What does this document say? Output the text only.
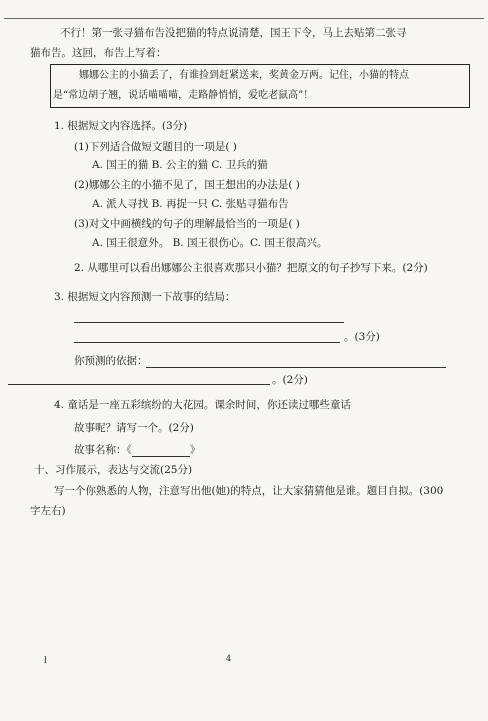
不行！第一张寻猫布告没把猫的特点说清楚，国王下令，马上去贴第二张寻
猫布告。这回，布告上写着：
娜娜公主的小猫丢了，有谁捡到赶紧送来，奖黄金万两。记住，小猫的特点
是“常边胡子翘，说话喵喵喵，走路静悄悄，爱吃老鼠高”！
1. 根据短文内容选择。(3分)
(1)下列适合做短文题目的一项是( )
A. 国王的猫 B. 公主的猫 C. 卫兵的猫
(2)娜娜公主的小猫不见了，国王想出的办法是( )
A. 派人寻找 B. 再捉一只 C. 张贴寻猫布告
(3)对文中画横线的句子的理解最恰当的一项是( )
A. 国王很意外。 B. 国王很伤心。C. 国王很高兴。
2. 从哪里可以看出娜娜公主很喜欢那只小猫？把原文的句子抄写下来。(2分)
3. 根据短文内容预测一下故事的结局：
。(3分)
你预测的依据：
。(2分)
4. 童话是一座五彩缤纷的大花园。课余时间，你还读过哪些童话
故事呢？请写一个。(2分)
故事名称：《	》
十、习作展示，表达与交流(25分)
写一个你熟悉的人物，注意写出他(她)的特点，让大家猜猜他是谁。题目自拟。(300
字左右)
ł	4
